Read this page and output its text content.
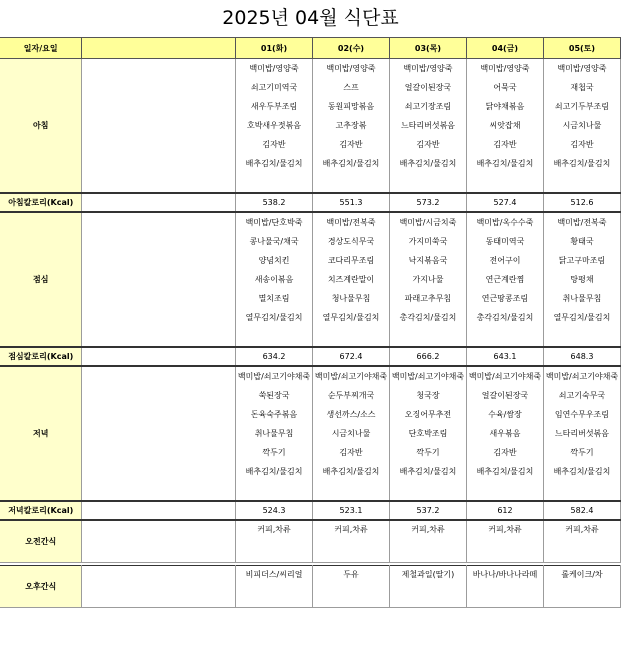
2025년 04월 식단표
일자/요일		01(화)	02(수)	03(목)	04(금)	05(토)
아침		백미밥/영양죽	백미밥/영양죽	백미밥/영양죽	백미밥/영양죽	백미밥/영양죽
		쇠고기미역국	스프	얼갈이된장국	어묵국	재첩국
		새우두부조림	동원피망볶음	쇠고기장조림	닭야채볶음	쇠고기두부조림
		호박새우젓볶음	고추장볶	느타리버섯볶음	씨앗잡채	시금치나물
		김자반	김자반	김자반	김자반	김자반
		배추김치/물김치	배추김치/물김치	배추김치/물김치	배추김치/물김치	배추김치/물김치

아침칼로리(Kcal)		538.2	551.3	573.2	527.4	512.6
점심		백미밥/단호박죽	백미밥/전복죽	백미밥/시금치죽	백미밥/옥수수죽	백미밥/전복죽
		콩나물국/채국	경상도식무국	가지미쑥국	동태미역국	황태국
		양념치킨	코다리무조림	낙지볶음국	전어구이	닭고구마조림
		새송이볶음	치즈계란말이	가지나물	연근계란찜	탕평채
		멸치조림	청나물무침	파래고추무침	연근땅콩조림	취나물무침
		열무김치/물김치	열무김치/물김치	총각김치/물김치	총각김치/물김치	열무김치/물김치

점심칼로리(Kcal)		634.2	672.4	666.2	643.1	648.3
저녁		백미밥/쇠고기야채죽	백미밥/쇠고기야채죽	백미밥/쇠고기야채죽	백미밥/쇠고기야채죽	백미밥/쇠고기야채죽
		쑥된장국	순두부찌개국	청국장	얼갈이된장국	쇠고기숙무국
		돈육숙주볶음	생선까스/소스	오징어무추전	수육/쌈장	임연수무우조림
		취나물무침	시금치나물	단호박조림	새우볶음	느타리버섯볶음
		깍두기	김자반	깍두기	김자반	깍두기
		배추김치/물김치	배추김치/물김치	배추김치/물김치	배추김치/물김치	배추김치/물김치

저녁칼로리(Kcal)		524.3	523.1	537.2	612	582.4
오전간식		커피,차류	커피,차류	커피,차류	커피,차류	커피,차류

오후간식		비피더스/씨리얼	두유	제철과일(딸기)	바나나/바나나라떼	롤케이크/차
